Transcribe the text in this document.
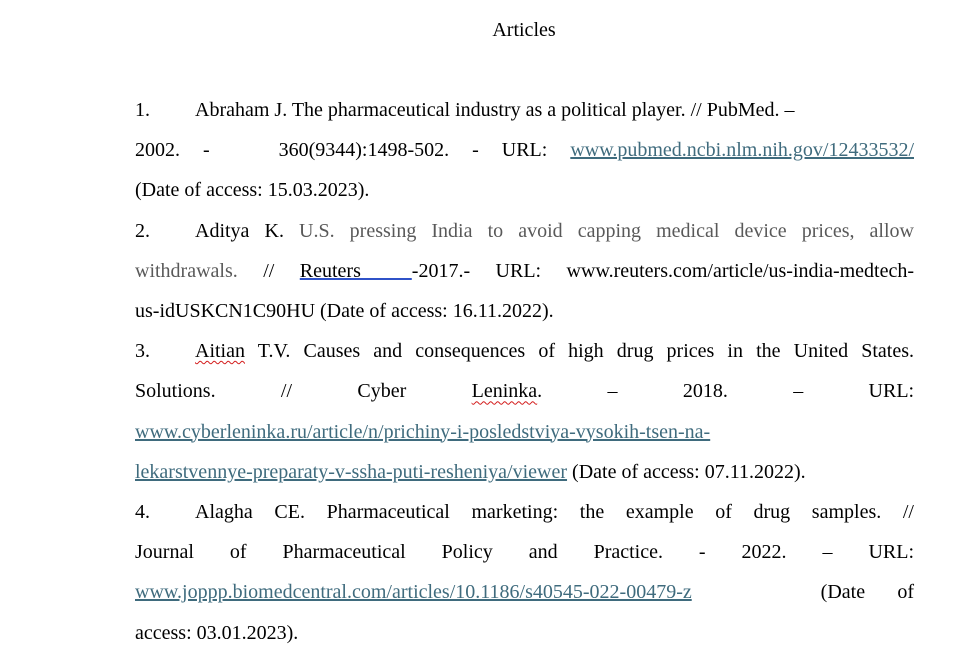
Articles

1. Abraham J. The pharmaceutical industry as a political player. // PubMed. –

2002. -   360(9344):1498-502. - URL: www.pubmed.ncbi.nlm.nih.gov/12433532/

(Date of access: 15.03.2023).

2. Aditya K. U.S. pressing India to avoid capping medical device prices, allow

withdrawals. // Reuters  -2017.- URL: www.reuters.com/article/us-india-medtech-

us-idUSKCN1C90HU (Date of access: 16.11.2022).

3. Aitian T.V. Causes and consequences of high drug prices in the United States.

Solutions.	//	Cyber	Leninka.	–	2018.	–	URL:

www.cyberleninka.ru/article/n/prichiny-i-posledstviya-vysokih-tsen-na-

lekarstvennye-preparaty-v-ssha-puti-resheniya/viewer (Date of access: 07.11.2022).

4. Alagha CE. Pharmaceutical marketing: the example of drug samples. //

Journal of Pharmaceutical Policy and Practice. - 2022. – URL:

www.joppp.biomedcentral.com/articles/10.1186/s40545-022-00479-z    (Date of

access: 03.01.2023).
